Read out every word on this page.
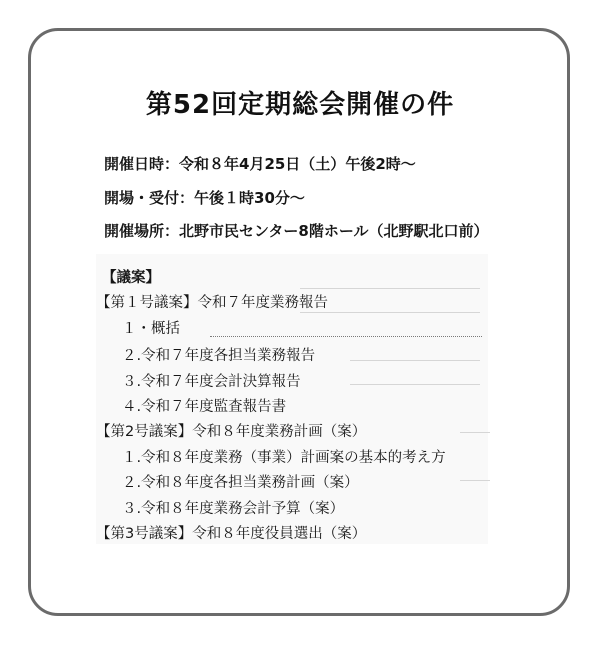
第52回定期総会開催の件
開催日時：令和８年4月25日（土）午後2時～
開場・受付：午後１時30分～
開催場所：北野市民センター8階ホール（北野駅北口前）
【議案】
【第１号議案】令和７年度業務報告
１・概括
２.令和７年度各担当業務報告
３.令和７年度会計決算報告
４.令和７年度監査報告書
【第2号議案】令和８年度業務計画（案）
１.令和８年度業務（事業）計画案の基本的考え方
２.令和８年度各担当業務計画（案）
３.令和８年度業務会計予算（案）
【第3号議案】令和８年度役員選出（案）
